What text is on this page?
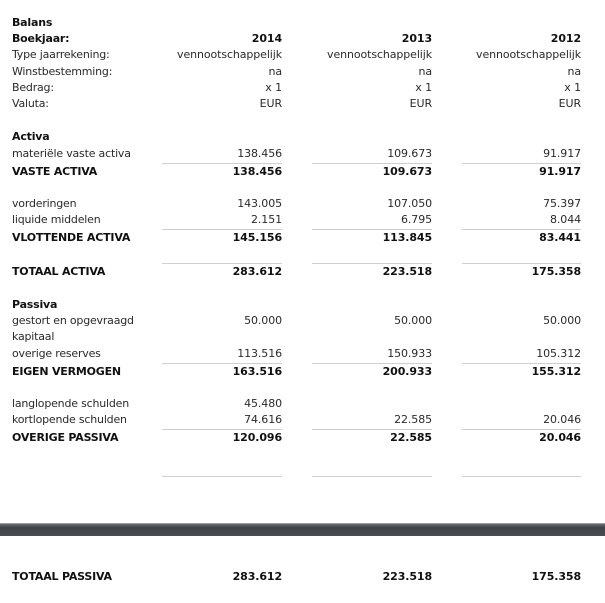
Balans
Boekjaar:	2014	2013	2012
Type jaarrekening:	vennootschappelijk	vennootschappelijk	vennootschappelijk
Winstbestemming:	na	na	na
Bedrag:	x 1	x 1	x 1
Valuta:	EUR	EUR	EUR
Activa
materiële vaste activa	138.456	109.673	91.917
VASTE ACTIVA	138.456	109.673	91.917
vorderingen	143.005	107.050	75.397
liquide middelen	2.151	6.795	8.044
VLOTTENDE ACTIVA	145.156	113.845	83.441
TOTAAL ACTIVA	283.612	223.518	175.358
Passiva
gestort en opgevraagd	50.000	50.000	50.000
kapitaal
overige reserves	113.516	150.933	105.312
EIGEN VERMOGEN	163.516	200.933	155.312
langlopende schulden	45.480
kortlopende schulden	74.616	22.585	20.046
OVERIGE PASSIVA	120.096	22.585	20.046
TOTAAL PASSIVA	283.612	223.518	175.358
